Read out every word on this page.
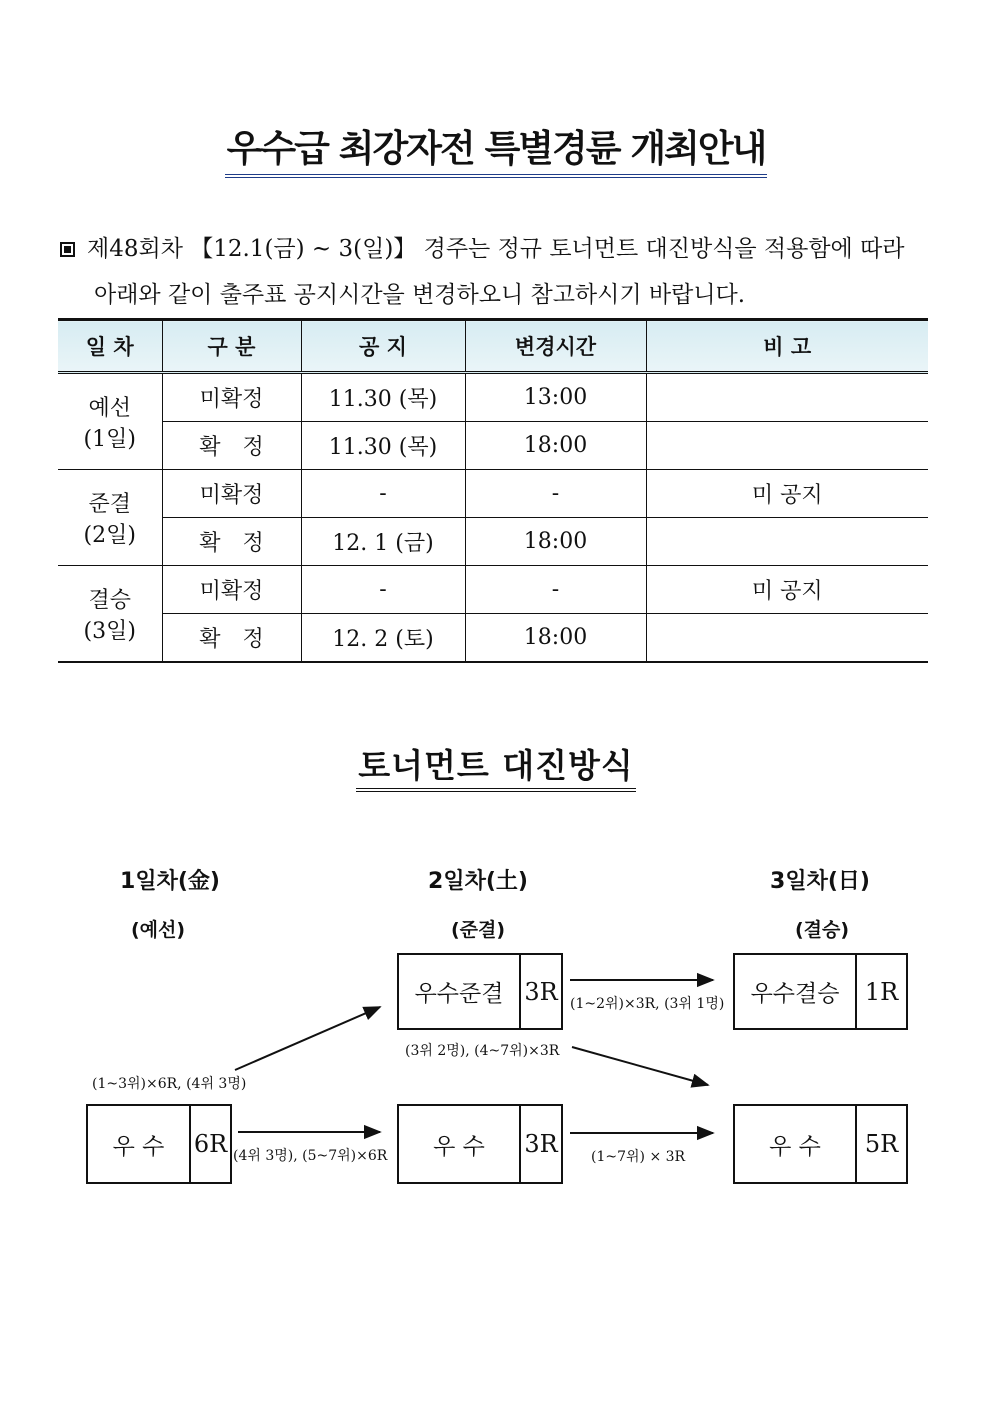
우수급 최강자전 특별경륜 개최안내
제48회차 【12.1(금) ~ 3(일)】 경주는 정규 토너먼트 대진방식을 적용함에 따라
아래와 같이 출주표 공지시간을 변경하오니 참고하시기 바랍니다.
일 차	구 분	공 지	변경시간	비 고

예선
(1일)	미확정	11.30 (목)	13:00	
	확　정	11.30 (목)	18:00	

준결
(2일)	미확정	-	-	미 공지
	확　정	12. 1 (금)	18:00	

결승
(3일)	미확정	-	-	미 공지
	확　정	12. 2 (토)	18:00	
토너먼트 대진방식
1일차(金)
(예선)
2일차(土)
(준결)
3일차(日)
(결승)
우 수	6R
우수준결 3R
우 수	3R
우수결승	1R
우 수	5R
(1~3위)×6R, (4위 3명)
(4위 3명), (5~7위)×6R
(1~2위)×3R, (3위 1명)
(3위 2명), (4~7위)×3R
(1~7위) × 3R
